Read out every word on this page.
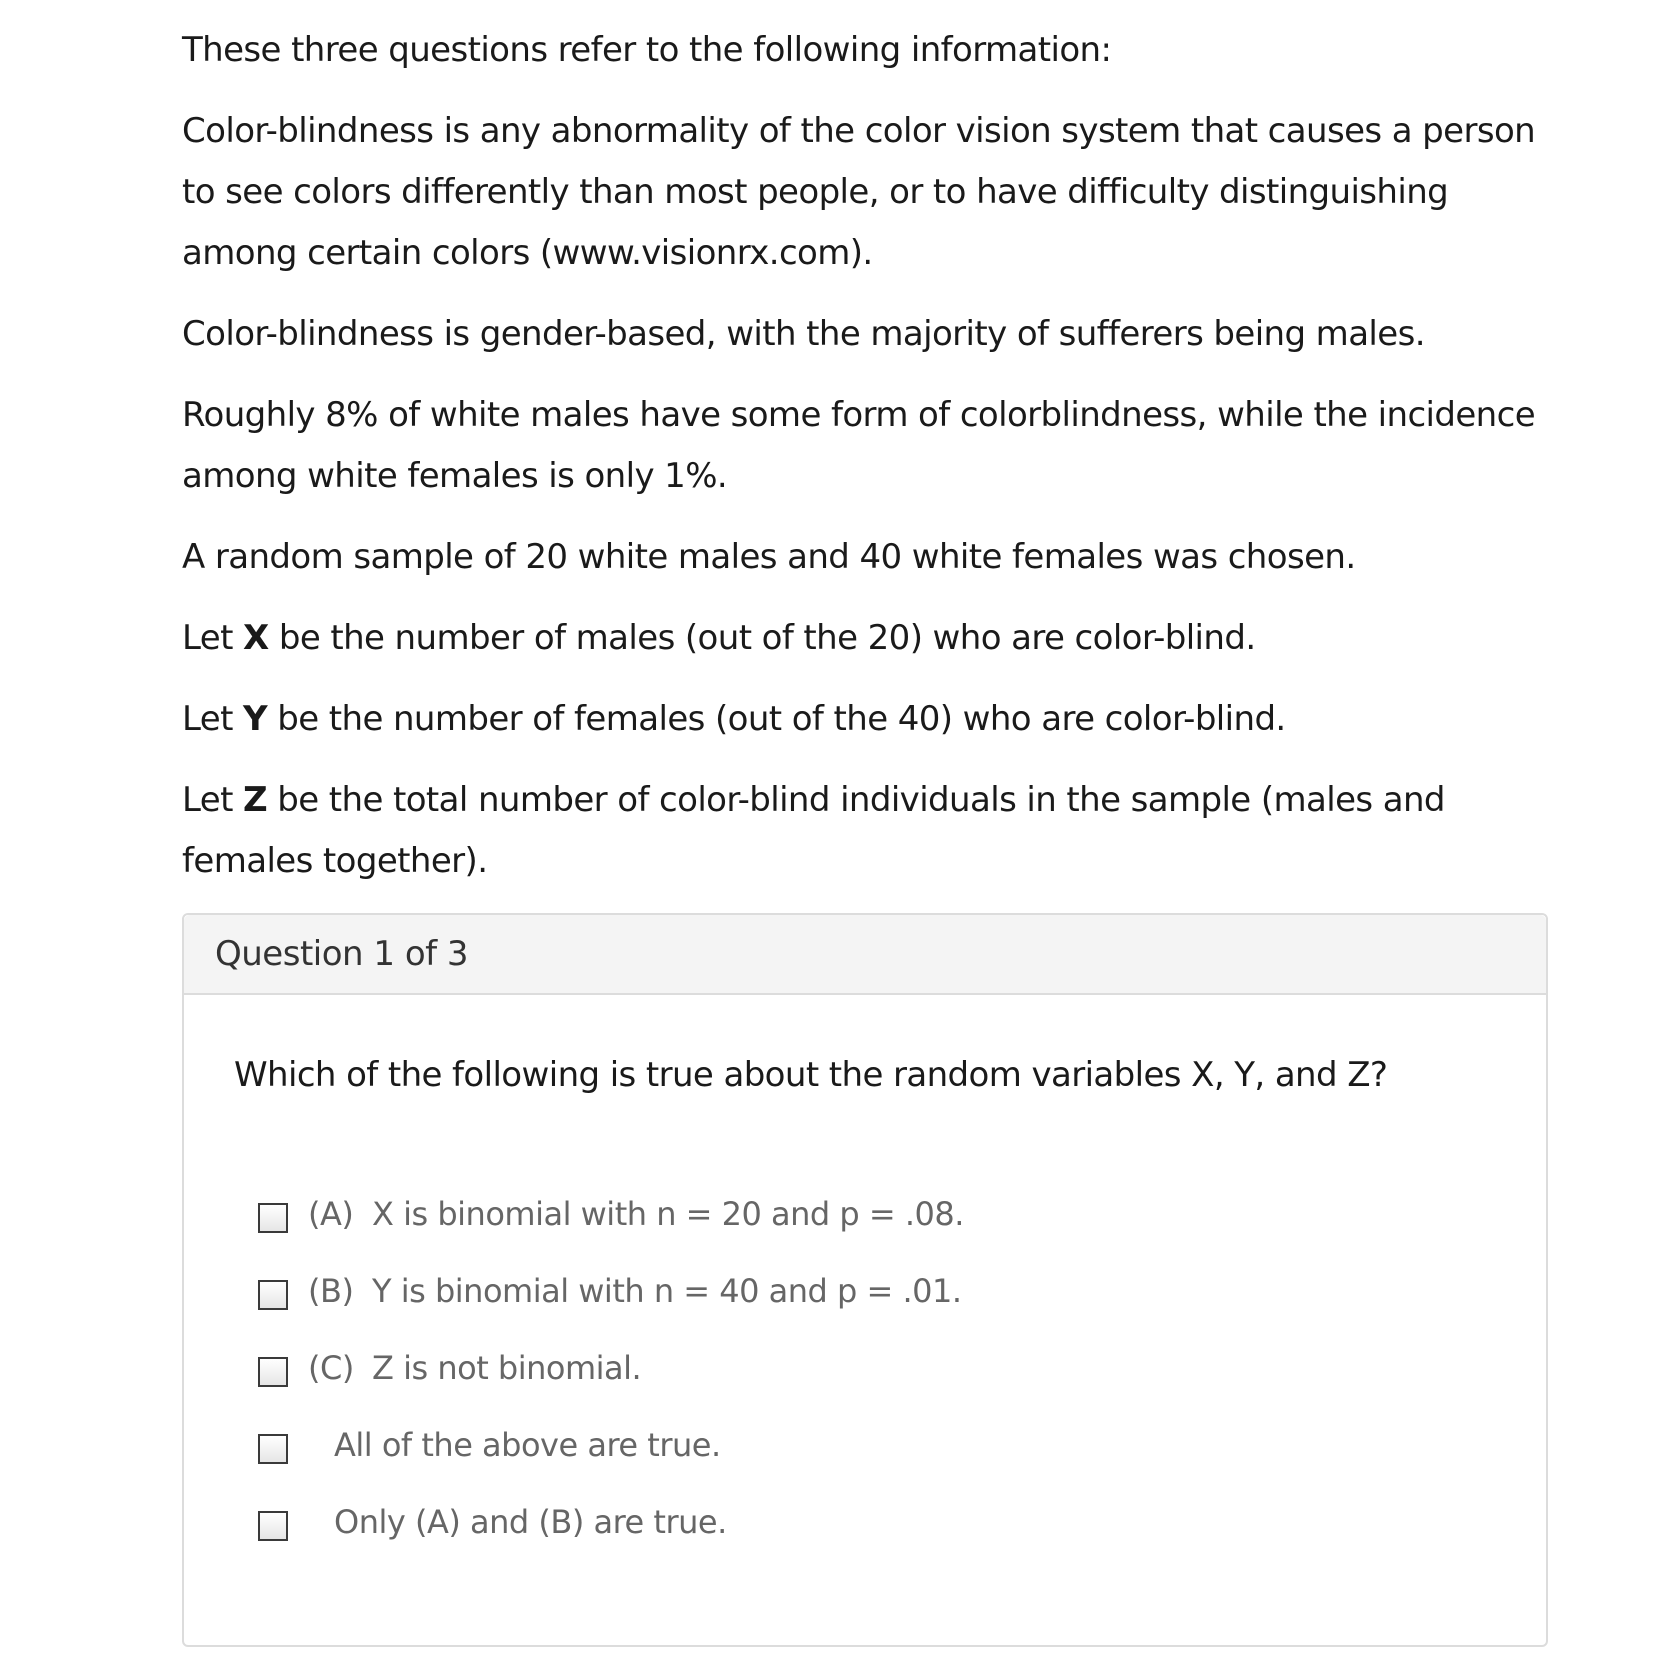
These three questions refer to the following information:

Color-blindness is any abnormality of the color vision system that causes a person to see colors differently than most people, or to have difficulty distinguishing among certain colors (www.visionrx.com).

Color-blindness is gender-based, with the majority of sufferers being males.

Roughly 8% of white males have some form of colorblindness, while the incidence among white females is only 1%.

A random sample of 20 white males and 40 white females was chosen.

Let X be the number of males (out of the 20) who are color-blind.

Let Y be the number of females (out of the 40) who are color-blind.

Let Z be the total number of color-blind individuals in the sample (males and females together).

Question 1 of 3
Which of the following is true about the random variables X, Y, and Z?
(A) X is binomial with n = 20 and p = .08.
(B) Y is binomial with n = 40 and p = .01.
(C) Z is not binomial.
All of the above are true.
Only (A) and (B) are true.
